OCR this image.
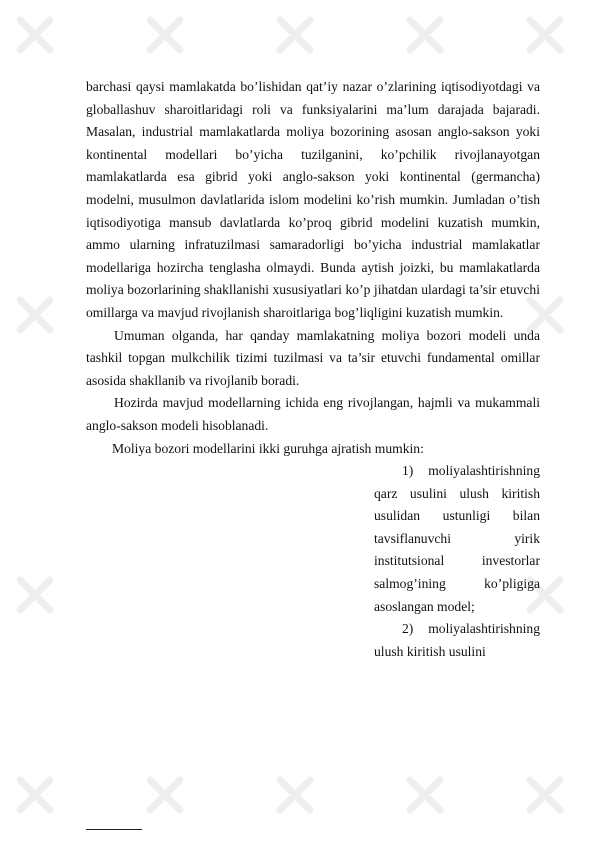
barchasi qaysi mamlakatda bo’lishidan qat’iy nazar o’zlarining iqtisodiyotdagi va globallashuv sharoitlaridagi roli va funksiyalarini ma’lum darajada bajaradi. Masalan, industrial mamlakatlarda moliya bozorining asosan anglo-sakson yoki kontinental modellari bo’yicha tuzilganini, ko’pchilik rivojlanayotgan mamlakatlarda esa gibrid yoki anglo-sakson yoki kontinental (germancha) modelni, musulmon davlatlarida islom modelini ko’rish mumkin. Jumladan o’tish iqtisodiyotiga mansub davlatlarda ko’proq gibrid modelini kuzatish mumkin, ammo ularning infratuzilmasi samaradorligi bo’yicha industrial mamlakatlar modellariga hozircha tenglasha olmaydi. Bunda aytish joizki, bu mamlakatlarda moliya bozorlarining shakllanishi xususiyatlari ko’p jihatdan ulardagi ta’sir etuvchi omillarga va mavjud rivojlanish sharoitlariga bog’liqligini kuzatish mumkin.

Umuman olganda, har qanday mamlakatning moliya bozori modeli unda tashkil topgan mulkchilik tizimi tuzilmasi va ta’sir etuvchi fundamental omillar asosida shakllanib va rivojlanib boradi.

Hozirda mavjud modellarning ichida eng rivojlangan, hajmli va mukammali anglo-sakson modeli hisoblanadi.

Moliya bozori modellarini ikki guruhga ajratish mumkin:

1) moliyalashtirishning qarz usulini ulush kiritish usulidan ustunligi bilan tavsiflanuvchi yirik institutsional investorlar salmog’ining ko’pligiga asoslangan model;

2) moliyalashtirishning ulush kiritish usulini
